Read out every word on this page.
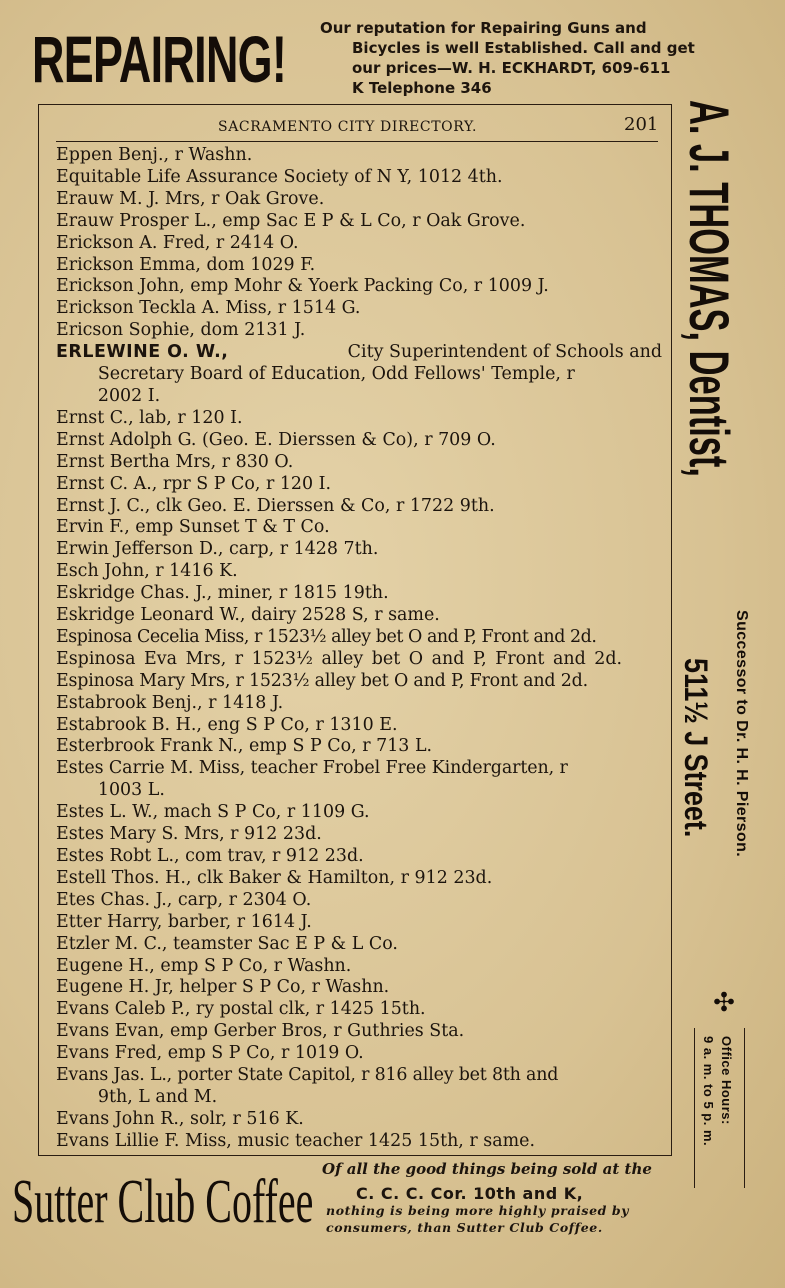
REPAIRING! Our reputation for Repairing Guns and
Bicycles is well Established. Call and get
our prices—W. H. ECKHARDT, 609-611
K Telephone 346
SACRAMENTO CITY DIRECTORY.	201
Eppen Benj., r Washn.
Equitable Life Assurance Society of N Y, 1012 4th.
Erauw M. J. Mrs, r Oak Grove.
Erauw Prosper L., emp Sac E P & L Co, r Oak Grove.
Erickson A. Fred, r 2414 O.
Erickson Emma, dom 1029 F.
Erickson John, emp Mohr & Yoerk Packing Co, r 1009 J.
Erickson Teckla A. Miss, r 1514 G.
Ericson Sophie, dom 2131 J.
ERLEWINE O. W.,	City Superintendent of Schools and
Secretary Board of Education, Odd Fellows' Temple, r
2002 I.
Ernst C., lab, r 120 I.
Ernst Adolph G. (Geo. E. Dierssen & Co), r 709 O.
Ernst Bertha Mrs, r 830 O.
Ernst C. A., rpr S P Co, r 120 I.
Ernst J. C., clk Geo. E. Dierssen & Co, r 1722 9th.
Ervin F., emp Sunset T & T Co.
Erwin Jefferson D., carp, r 1428 7th.
Esch John, r 1416 K.
Eskridge Chas. J., miner, r 1815 19th.
Eskridge Leonard W., dairy 2528 S, r same.
Espinosa Cecelia Miss, r 1523½ alley bet O and P, Front and 2d.
Espinosa Eva Mrs, r 1523½ alley bet O and P, Front and 2d.
Espinosa Mary Mrs, r 1523½ alley bet O and P, Front and 2d.
Estabrook Benj., r 1418 J.
Estabrook B. H., eng S P Co, r 1310 E.
Esterbrook Frank N., emp S P Co, r 713 L.
Estes Carrie M. Miss, teacher Frobel Free Kindergarten, r
1003 L.
Estes L. W., mach S P Co, r 1109 G.
Estes Mary S. Mrs, r 912 23d.
Estes Robt L., com trav, r 912 23d.
Estell Thos. H., clk Baker & Hamilton, r 912 23d.
Etes Chas. J., carp, r 2304 O.
Etter Harry, barber, r 1614 J.
Etzler M. C., teamster Sac E P & L Co.
Eugene H., emp S P Co, r Washn.
Eugene H. Jr, helper S P Co, r Washn.
Evans Caleb P., ry postal clk, r 1425 15th.
Evans Evan, emp Gerber Bros, r Guthries Sta.
Evans Fred, emp S P Co, r 1019 O.
Evans Jas. L., porter State Capitol, r 816 alley bet 8th and
9th, L and M.
Evans John R., solr, r 516 K.
Evans Lillie F. Miss, music teacher 1425 15th, r same.
A. J. THOMAS, Dentist,
Successor to Dr. H. H. Pierson.
511½ J Street.
✣
Office Hours:
9 a. m. to 5 p. m.
Sutter Club Coffee Of all the good things being sold at the
C. C. C. Cor. 10th and K,
nothing is being more highly praised by
consumers, than Sutter Club Coffee.
